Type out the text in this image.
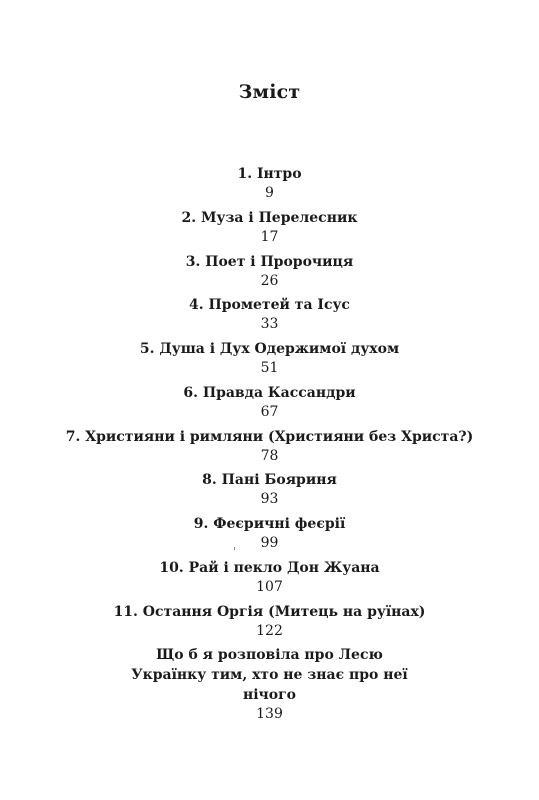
Зміст
1. Інтро
9
2. Муза і Перелесник
17
3. Поет і Пророчиця
26
4. Прометей та Ісус
33
5. Душа і Дух Одержимої духом
51
6. Правда Кассандри
67
7. Християни і римляни (Християни без Христа?)
78
8. Пані Бояриня
93
9. Феєричні феєрії
99
10. Рай і пекло Дон Жуана
107
11. Остання Оргія (Митець на руїнах)
122
Що б я розповіла про Лесю Українку тим, хто не знає про неї нічого
139
